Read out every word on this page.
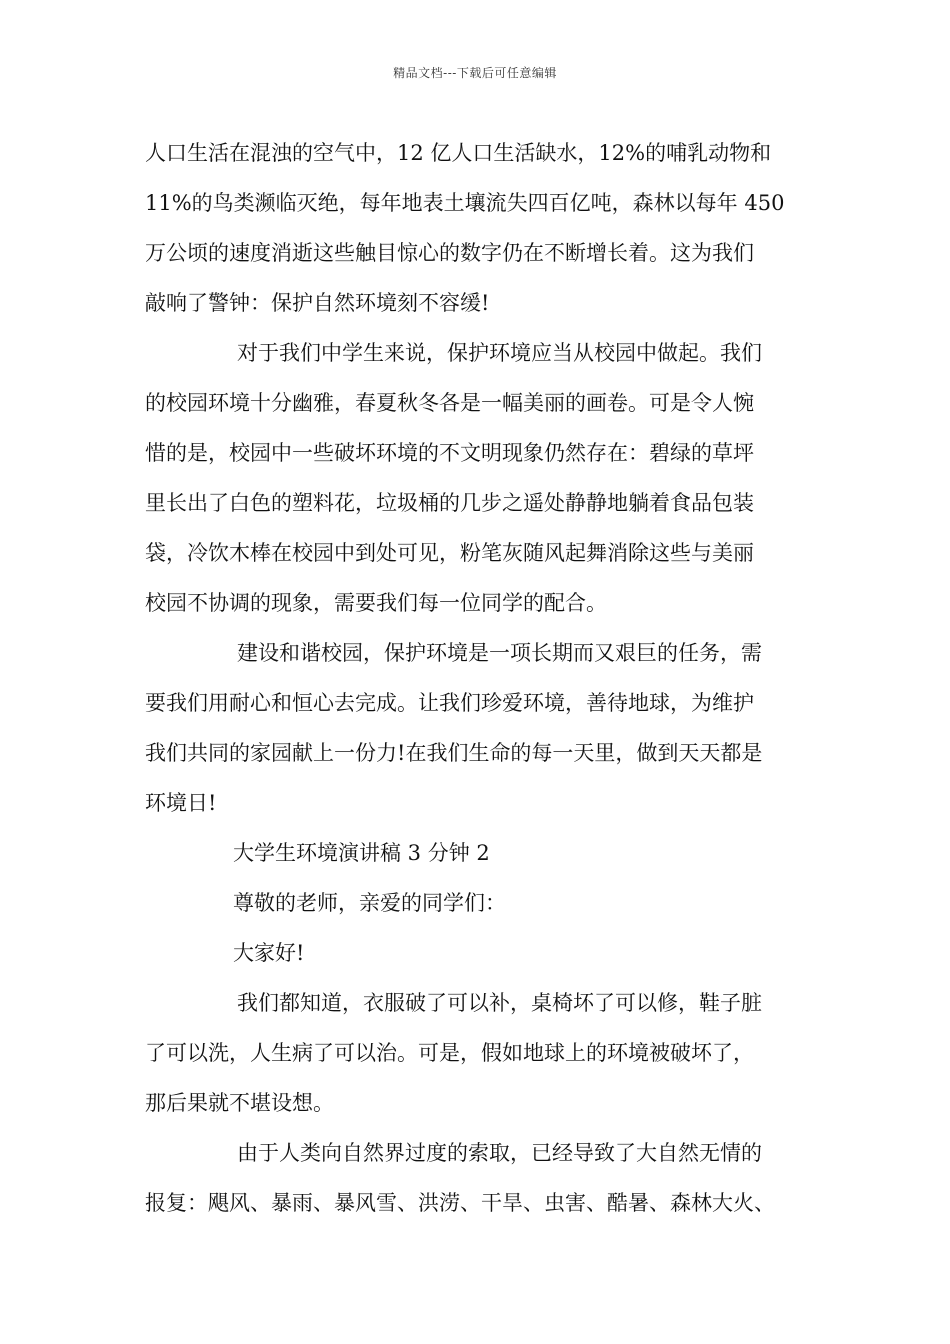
精品文档---下载后可任意编辑
人口生活在混浊的空气中，12 亿人口生活缺水，12%的哺乳动物和
11%的鸟类濒临灭绝，每年地表土壤流失四百亿吨，森林以每年 450
万公顷的速度消逝这些触目惊心的数字仍在不断增长着。这为我们
敲响了警钟：保护自然环境刻不容缓!
对于我们中学生来说，保护环境应当从校园中做起。我们
的校园环境十分幽雅，春夏秋冬各是一幅美丽的画卷。可是令人惋
惜的是，校园中一些破坏环境的不文明现象仍然存在：碧绿的草坪
里长出了白色的塑料花，垃圾桶的几步之遥处静静地躺着食品包装
袋，冷饮木棒在校园中到处可见，粉笔灰随风起舞消除这些与美丽
校园不协调的现象，需要我们每一位同学的配合。
建设和谐校园，保护环境是一项长期而又艰巨的任务，需
要我们用耐心和恒心去完成。让我们珍爱环境，善待地球，为维护
我们共同的家园献上一份力!在我们生命的每一天里，做到天天都是
环境日!
大学生环境演讲稿 3 分钟 2
尊敬的老师，亲爱的同学们：
大家好!
我们都知道，衣服破了可以补，桌椅坏了可以修，鞋子脏
了可以洗，人生病了可以治。可是，假如地球上的环境被破坏了，
那后果就不堪设想。
由于人类向自然界过度的索取，已经导致了大自然无情的
报复：飓风、暴雨、暴风雪、洪涝、干旱、虫害、酷暑、森林大火、
